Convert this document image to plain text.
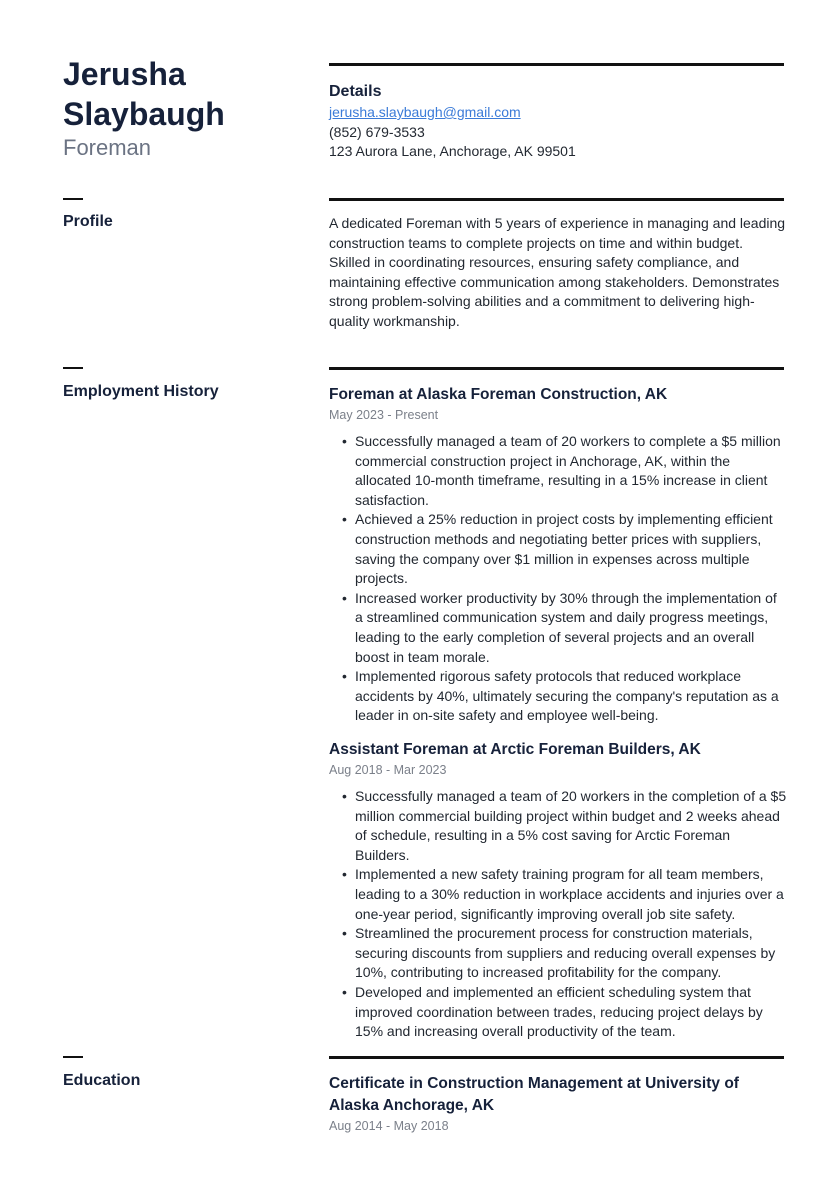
Jerusha
Slaybaugh
Foreman
Details
jerusha.slaybaugh@gmail.com
(852) 679-3533
123 Aurora Lane, Anchorage, AK 99501
Profile	A dedicated Foreman with 5 years of experience in managing and leading construction teams to complete projects on time and within budget. Skilled in coordinating resources, ensuring safety compliance, and maintaining effective communication among stakeholders. Demonstrates strong problem-solving abilities and a commitment to delivering high-quality workmanship.
Employment History	Foreman at Alaska Foreman Construction, AK
May 2023 - Present
• Successfully managed a team of 20 workers to complete a $5 million commercial construction project in Anchorage, AK, within the allocated 10-month timeframe, resulting in a 15% increase in client satisfaction.
• Achieved a 25% reduction in project costs by implementing efficient construction methods and negotiating better prices with suppliers, saving the company over $1 million in expenses across multiple projects.
• Increased worker productivity by 30% through the implementation of a streamlined communication system and daily progress meetings, leading to the early completion of several projects and an overall boost in team morale.
• Implemented rigorous safety protocols that reduced workplace accidents by 40%, ultimately securing the company's reputation as a leader in on-site safety and employee well-being.
Assistant Foreman at Arctic Foreman Builders, AK
Aug 2018 - Mar 2023
• Successfully managed a team of 20 workers in the completion of a $5 million commercial building project within budget and 2 weeks ahead of schedule, resulting in a 5% cost saving for Arctic Foreman Builders.
• Implemented a new safety training program for all team members, leading to a 30% reduction in workplace accidents and injuries over a one-year period, significantly improving overall job site safety.
• Streamlined the procurement process for construction materials, securing discounts from suppliers and reducing overall expenses by 10%, contributing to increased profitability for the company.
• Developed and implemented an efficient scheduling system that improved coordination between trades, reducing project delays by 15% and increasing overall productivity of the team.
Education	Certificate in Construction Management at University of Alaska Anchorage, AK
Aug 2014 - May 2018
